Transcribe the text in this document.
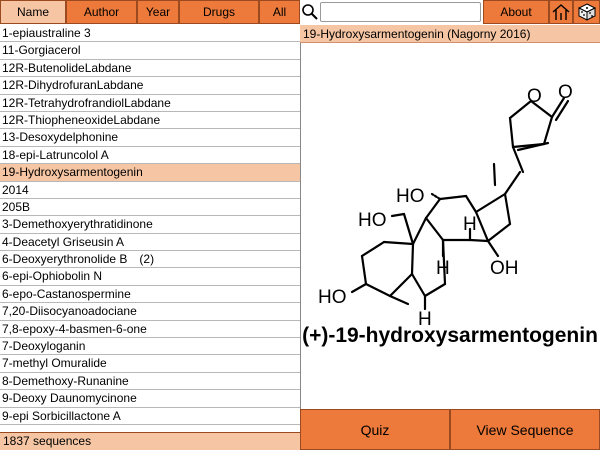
Name	Author	Year	Drugs	All	About
1-epiaustraline 3
11-Gorgiacerol
12R-ButenolideLabdane
12R-DihydrofuranLabdane
12R-TetrahydrofrandiolLabdane
12R-ThiopheneoxideLabdane
13-Desoxydelphonine
18-epi-Latruncolol A
19-Hydroxysarmentogenin
2014
205B
3-Demethoxyerythratidinone
4-Deacetyl Griseusin A
6-Deoxyerythronolide B (2)
6-epi-Ophiobolin N
6-epo-Castanospermine
7,20-Diisocyanoadociane
7,8-epoxy-4-basmen-6-one
7-Deoxyloganin
7-methyl Omuralide
8-Demethoxy-Runanine
9-Deoxy Daunomycinone
9-epi Sorbicillactone A
1837 sequences
19-Hydroxysarmentogenin (Nagorny 2016)
O O
HO
HO	H
H OH
HO
H
(+)-19-hydroxysarmentogenin
Quiz	View Sequence
